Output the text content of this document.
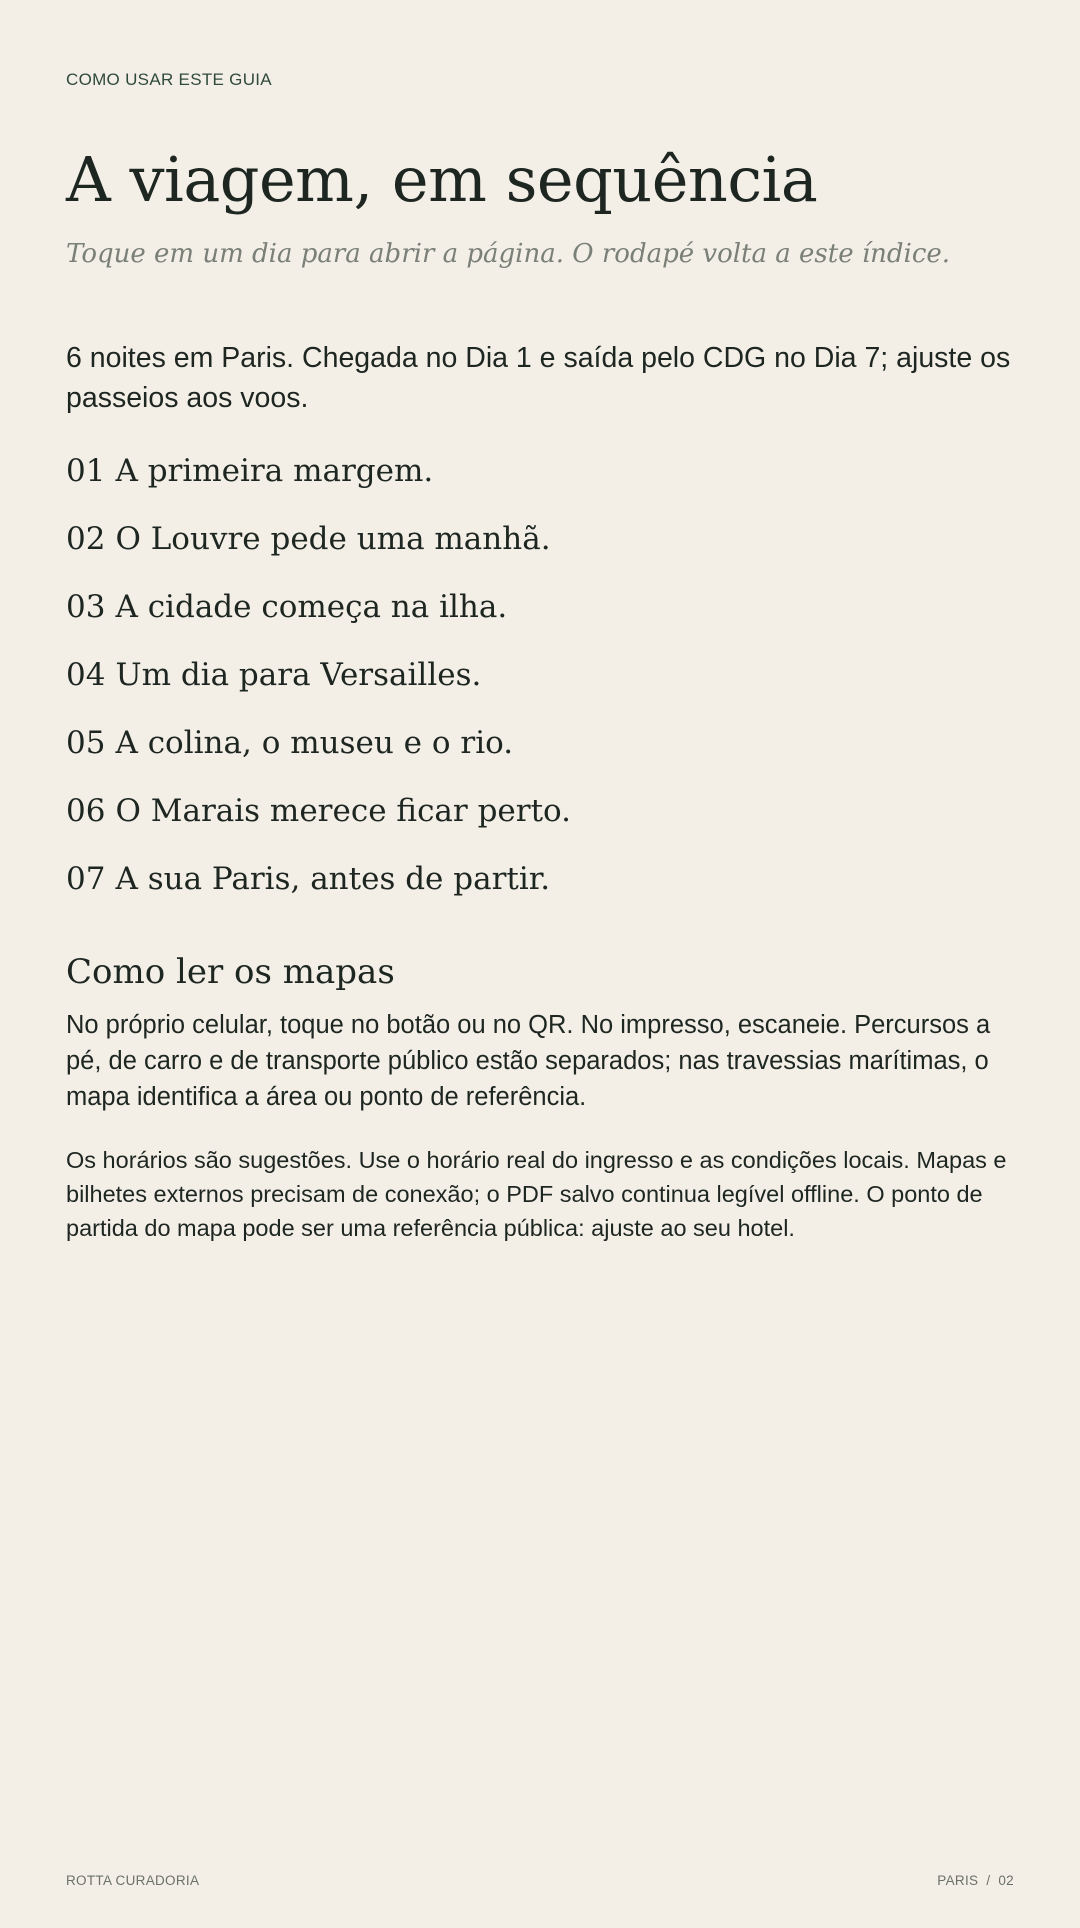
COMO USAR ESTE GUIA
A viagem, em sequência
Toque em um dia para abrir a página. O rodapé volta a este índice.

6 noites em Paris. Chegada no Dia 1 e saída pelo CDG no Dia 7; ajuste os passeios aos voos.

01 A primeira margem.
02 O Louvre pede uma manhã.
03 A cidade começa na ilha.
04 Um dia para Versailles.
05 A colina, o museu e o rio.
06 O Marais merece ficar perto.
07 A sua Paris, antes de partir.
Como ler os mapas

No próprio celular, toque no botão ou no QR. No impresso, escaneie. Percursos a pé, de carro e de transporte público estão separados; nas travessias marítimas, o mapa identifica a área ou ponto de referência.

Os horários são sugestões. Use o horário real do ingresso e as condições locais. Mapas e bilhetes externos precisam de conexão; o PDF salvo continua legível offline. O ponto de partida do mapa pode ser uma referência pública: ajuste ao seu hotel.

ROTTA CURADORIA	PARIS / 02
